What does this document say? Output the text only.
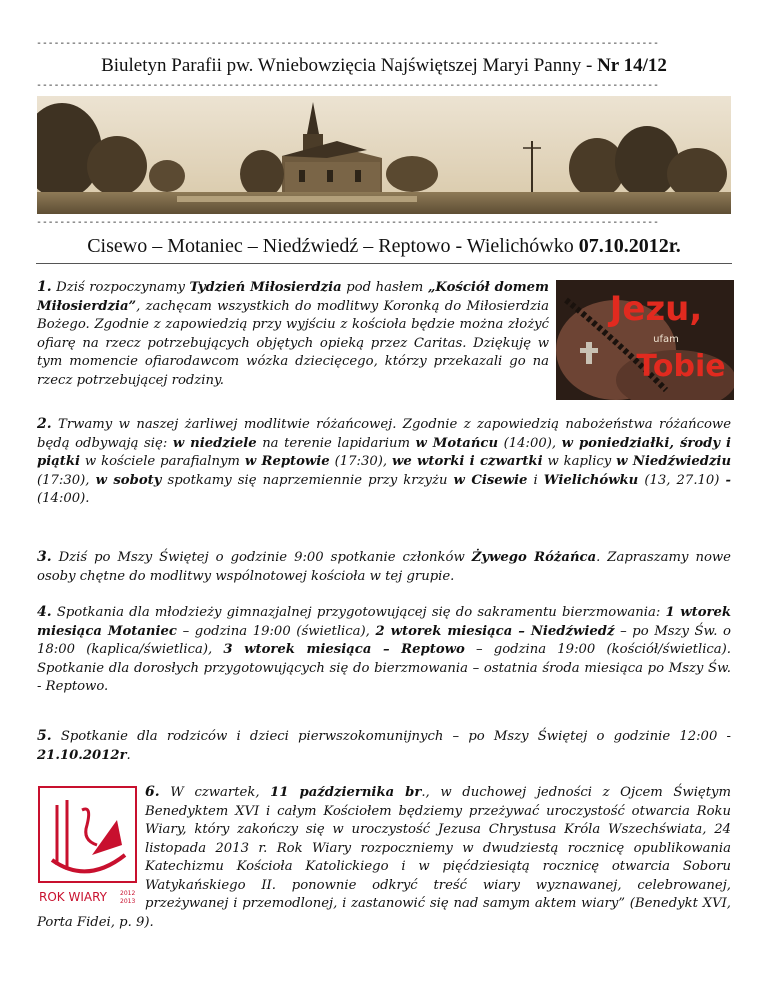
-----------------------------------------------------------------------------------------------------------
Biuletyn Parafii pw. Wniebowzięcia Najświętszej Maryi Panny - Nr 14/12
-----------------------------------------------------------------------------------------------------------
-----------------------------------------------------------------------------------------------------------
Cisewo – Motaniec – Niedźwiedź – Reptowo - Wielichówko 07.10.2012r.
Jezu,
ufam
Tobie
1. Dziś rozpoczynamy Tydzień Miłosierdzia pod hasłem „Kościół domem Miłosierdzia”, zachęcam wszystkich do modlitwy Koronką do Miłosierdzia Bożego. Zgodnie z zapowiedzią przy wyjściu z kościoła będzie można złożyć ofiarę na rzecz potrzebujących objętych opieką przez Caritas. Dziękuję w tym momencie ofiarodawcom wózka dziecięcego, którzy przekazali go na rzecz potrzebującej rodziny.
2. Trwamy w naszej żarliwej modlitwie różańcowej. Zgodnie z zapowiedzią nabożeństwa różańcowe będą odbywają się: w niedziele na terenie lapidarium w Motańcu (14:00), w poniedziałki, środy i piątki w kościele parafialnym w Reptowie (17:30), we wtorki i czwartki w kaplicy w Niedźwiedziu (17:30), w soboty spotkamy się naprzemiennie przy krzyżu w Cisewie i Wielichówku (13, 27.10) - (14:00).
3. Dziś po Mszy Świętej o godzinie 9:00 spotkanie członków Żywego Różańca. Zapraszamy nowe osoby chętne do modlitwy wspólnotowej kościoła w tej grupie.
4. Spotkania dla młodzieży gimnazjalnej przygotowującej się do sakramentu bierzmowania: 1 wtorek miesiąca Motaniec – godzina 19:00 (świetlica), 2 wtorek miesiąca – Niedźwiedź – po Mszy Św. o 18:00 (kaplica/świetlica), 3 wtorek miesiąca – Reptowo – godzina 19:00 (kościół/świetlica). Spotkanie dla dorosłych przygotowujących się do bierzmowania – ostatnia środa miesiąca po Mszy Św. - Reptowo.
5. Spotkanie dla rodziców i dzieci pierwszokomunijnych – po Mszy Świętej o godzinie 12:00 - 21.10.2012r.
ROK WIARY 2012
2013
6. W czwartek, 11 października br., w duchowej jedności z Ojcem Świętym Benedyktem XVI i całym Kościołem będziemy przeżywać uroczystość otwarcia Roku Wiary, który zakończy się w uroczystość Jezusa Chrystusa Króla Wszechświata, 24 listopada 2013 r. Rok Wiary rozpoczniemy w dwudziestą rocznicę opublikowania Katechizmu Kościoła Katolickiego i w pięćdziesiątą rocznicę otwarcia Soboru Watykańskiego II. ponownie odkryć treść wiary wyznawanej, celebrowanej, przeżywanej i przemodlonej, i zastanowić się nad samym aktem wiary” (Benedykt XVI, Porta Fidei, p. 9).
